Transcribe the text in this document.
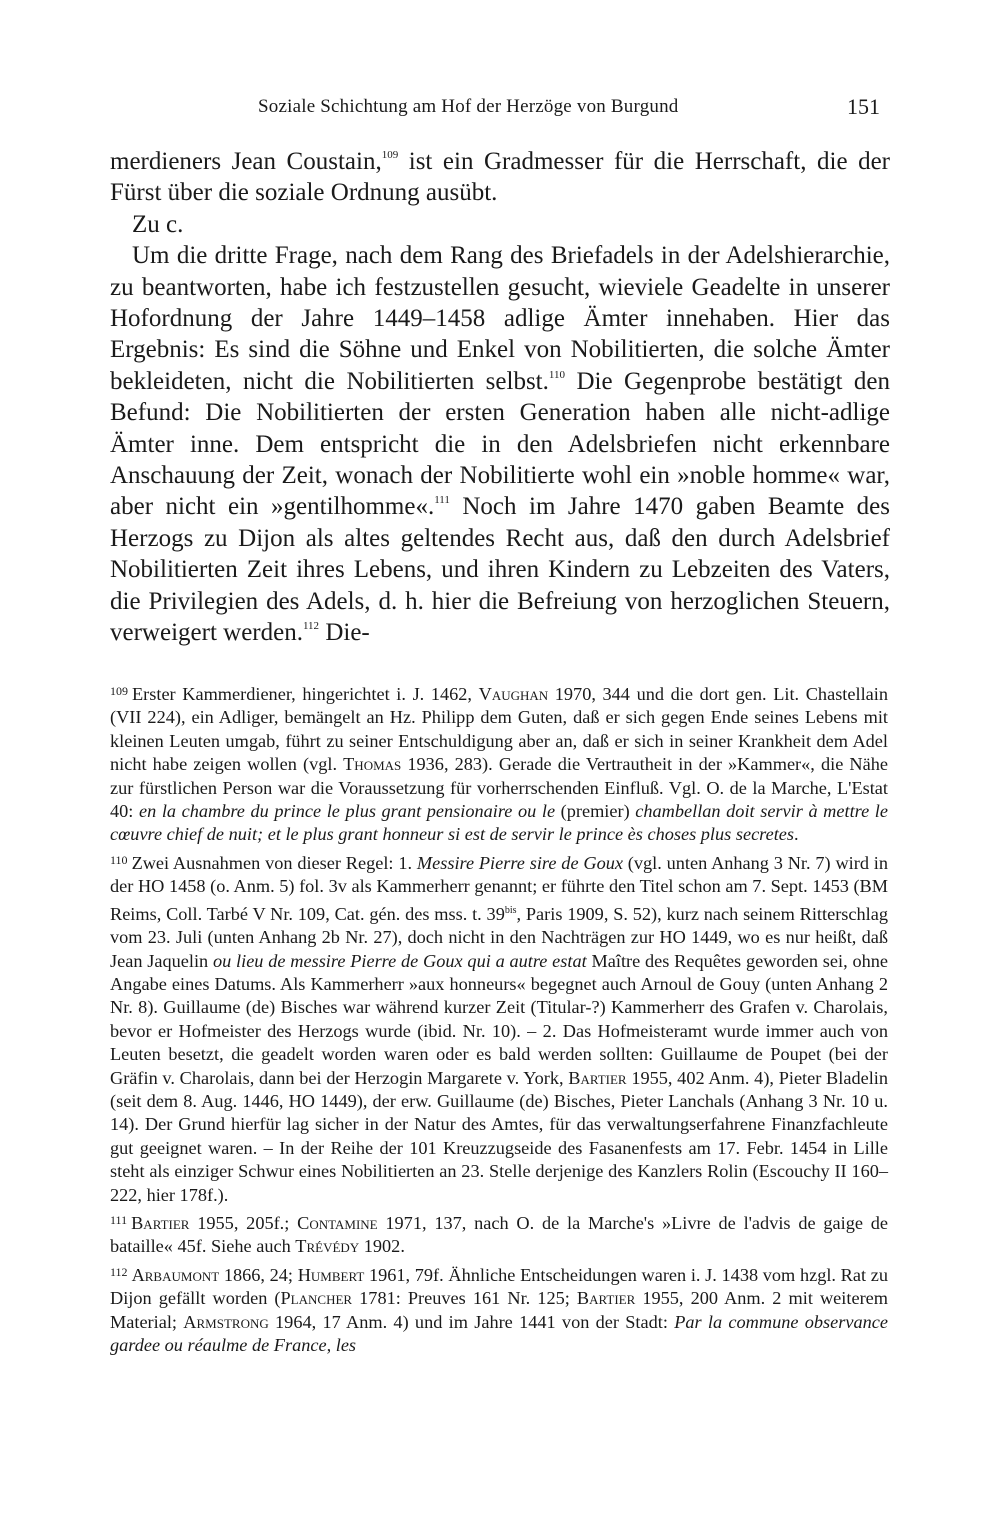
Soziale Schichtung am Hof der Herzöge von Burgund	151

merdieners Jean Coustain,$^{109}$ ist ein Gradmesser für die Herrschaft, die der Fürst über die soziale Ordnung ausübt.

Zu c.

Um die dritte Frage, nach dem Rang des Briefadels in der Adelshierarchie, zu beantworten, habe ich festzustellen gesucht, wieviele Geadelte in unserer Hofordnung der Jahre 1449–1458 adlige Ämter innehaben. Hier das Ergebnis: Es sind die Söhne und Enkel von Nobilitierten, die solche Ämter bekleideten, nicht die Nobilitierten selbst.$^{110}$ Die Gegenprobe bestätigt den Befund: Die Nobilitierten der ersten Generation haben alle nicht-adlige Ämter inne. Dem entspricht die in den Adelsbriefen nicht erkennbare Anschauung der Zeit, wonach der Nobilitierte wohl ein »noble homme« war, aber nicht ein »gentilhomme«.$^{111}$ Noch im Jahre 1470 gaben Beamte des Herzogs zu Dijon als altes geltendes Recht aus, daß den durch Adelsbrief Nobilitierten Zeit ihres Lebens, und ihren Kindern zu Lebzeiten des Vaters, die Privilegien des Adels, d. h. hier die Befreiung von herzoglichen Steuern, verweigert werden.$^{112}$ Die-

$^{109}$ Erster Kammerdiener, hingerichtet i. J. 1462, Vaughan 1970, 344 und die dort gen. Lit. Chastellain (VII 224), ein Adliger, bemängelt an Hz. Philipp dem Guten, daß er sich gegen Ende seines Lebens mit kleinen Leuten umgab, führt zu seiner Entschuldigung aber an, daß er sich in seiner Krankheit dem Adel nicht habe zeigen wollen (vgl. Thomas 1936, 283). Gerade die Vertrautheit in der »Kammer«, die Nähe zur fürstlichen Person war die Voraussetzung für vorherrschenden Einfluß. Vgl. O. de la Marche, L'Estat 40: en la chambre du prince le plus grant pensionaire ou le (premier) chambellan doit servir à mettre le cœuvre chief de nuit; et le plus grant honneur si est de servir le prince ès choses plus secretes.

$^{110}$ Zwei Ausnahmen von dieser Regel: 1. Messire Pierre sire de Goux (vgl. unten Anhang 3 Nr. 7) wird in der HO 1458 (o. Anm. 5) fol. 3v als Kammerherr genannt; er führte den Titel schon am 7. Sept. 1453 (BM Reims, Coll. Tarbé V Nr. 109, Cat. gén. des mss. t. $39^{bis}$, Paris 1909, S. 52), kurz nach seinem Ritterschlag vom 23. Juli (unten Anhang 2b Nr. 27), doch nicht in den Nachträgen zur HO 1449, wo es nur heißt, daß Jean Jaquelin ou lieu de messire Pierre de Goux qui a autre estat Maître des Requêtes geworden sei, ohne Angabe eines Datums. Als Kammerherr »aux honneurs« begegnet auch Arnoul de Gouy (unten Anhang 2 Nr. 8). Guillaume (de) Bisches war während kurzer Zeit (Titular-?) Kammerherr des Grafen v. Charolais, bevor er Hofmeister des Herzogs wurde (ibid. Nr. 10). – 2. Das Hofmeisteramt wurde immer auch von Leuten besetzt, die geadelt worden waren oder es bald werden sollten: Guillaume de Poupet (bei der Gräfin v. Charolais, dann bei der Herzogin Margarete v. York, Bartier 1955, 402 Anm. 4), Pieter Bladelin (seit dem 8. Aug. 1446, HO 1449), der erw. Guillaume (de) Bisches, Pieter Lanchals (Anhang 3 Nr. 10 u. 14). Der Grund hierfür lag sicher in der Natur des Amtes, für das verwaltungserfahrene Finanzfachleute gut geeignet waren. – In der Reihe der 101 Kreuzzugseide des Fasanenfests am 17. Febr. 1454 in Lille steht als einziger Schwur eines Nobilitierten an 23. Stelle derjenige des Kanzlers Rolin (Escouchy II 160–222, hier 178f.).

$^{111}$ Bartier 1955, 205f.; Contamine 1971, 137, nach O. de la Marche's »Livre de l'advis de gaige de bataille« 45f. Siehe auch Trévédy 1902.

$^{112}$ Arbaumont 1866, 24; Humbert 1961, 79f. Ähnliche Entscheidungen waren i. J. 1438 vom hzgl. Rat zu Dijon gefällt worden (Plancher 1781: Preuves 161 Nr. 125; Bartier 1955, 200 Anm. 2 mit weiterem Material; Armstrong 1964, 17 Anm. 4) und im Jahre 1441 von der Stadt: Par la commune observance gardee ou réaulme de France, les
